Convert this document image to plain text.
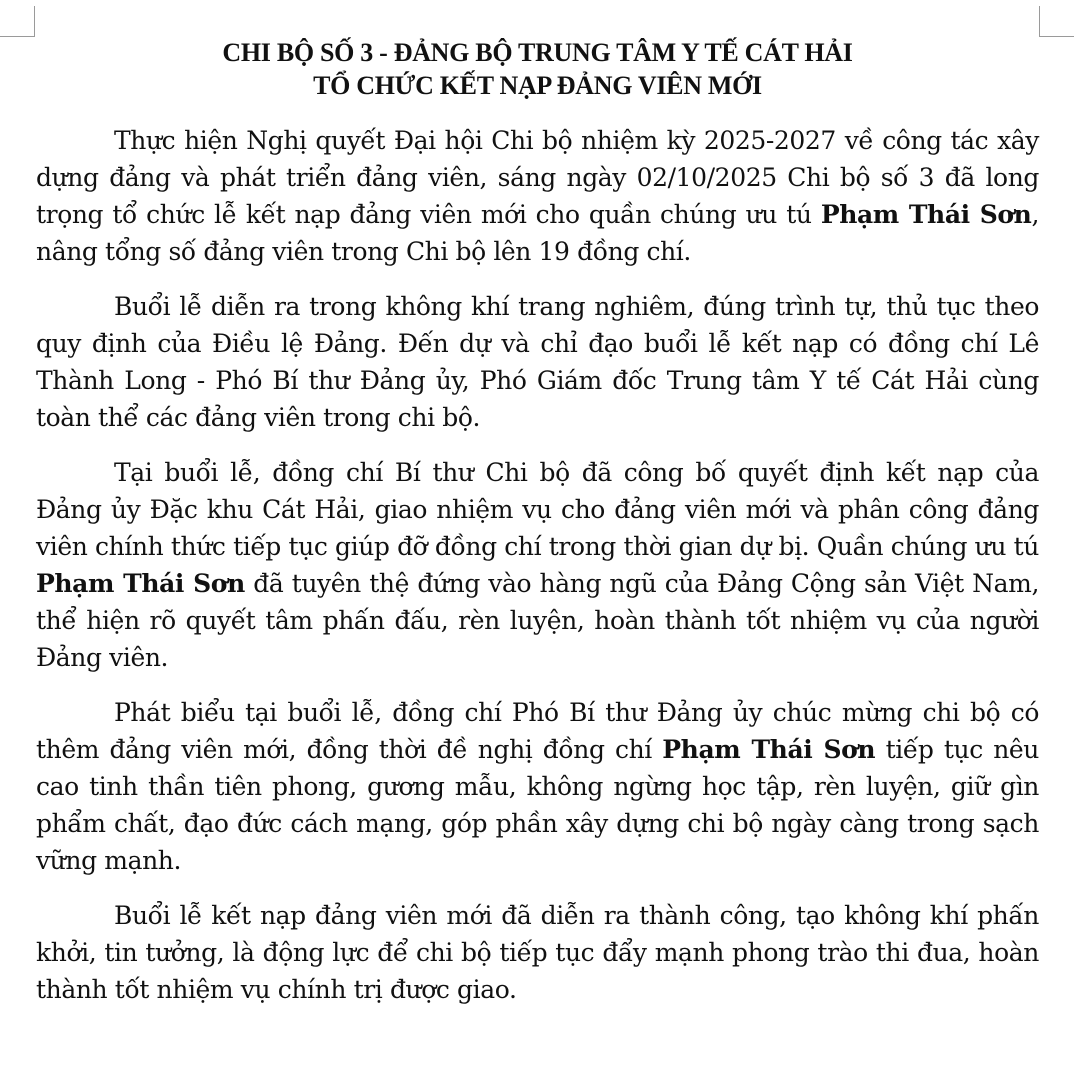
CHI BỘ SỐ 3 - ĐẢNG BỘ TRUNG TÂM Y TẾ CÁT HẢI
TỔ CHỨC KẾT NẠP ĐẢNG VIÊN MỚI

Thực hiện Nghị quyết Đại hội Chi bộ nhiệm kỳ 2025-2027 về công tác xây dựng đảng và phát triển đảng viên, sáng ngày 02/10/2025 Chi bộ số 3 đã long trọng tổ chức lễ kết nạp đảng viên mới cho quần chúng ưu tú Phạm Thái Sơn, nâng tổng số đảng viên trong Chi bộ lên 19 đồng chí.

Buổi lễ diễn ra trong không khí trang nghiêm, đúng trình tự, thủ tục theo quy định của Điều lệ Đảng. Đến dự và chỉ đạo buổi lễ kết nạp có đồng chí Lê Thành Long - Phó Bí thư Đảng ủy, Phó Giám đốc Trung tâm Y tế Cát Hải cùng toàn thể các đảng viên trong chi bộ.

Tại buổi lễ, đồng chí Bí thư Chi bộ đã công bố quyết định kết nạp của Đảng ủy Đặc khu Cát Hải, giao nhiệm vụ cho đảng viên mới và phân công đảng viên chính thức tiếp tục giúp đỡ đồng chí trong thời gian dự bị. Quần chúng ưu tú Phạm Thái Sơn đã tuyên thệ đứng vào hàng ngũ của Đảng Cộng sản Việt Nam, thể hiện rõ quyết tâm phấn đấu, rèn luyện, hoàn thành tốt nhiệm vụ của người Đảng viên.

Phát biểu tại buổi lễ, đồng chí Phó Bí thư Đảng ủy chúc mừng chi bộ có thêm đảng viên mới, đồng thời đề nghị đồng chí Phạm Thái Sơn tiếp tục nêu cao tinh thần tiên phong, gương mẫu, không ngừng học tập, rèn luyện, giữ gìn phẩm chất, đạo đức cách mạng, góp phần xây dựng chi bộ ngày càng trong sạch vững mạnh.

Buổi lễ kết nạp đảng viên mới đã diễn ra thành công, tạo không khí phấn khởi, tin tưởng, là động lực để chi bộ tiếp tục đẩy mạnh phong trào thi đua, hoàn thành tốt nhiệm vụ chính trị được giao.
